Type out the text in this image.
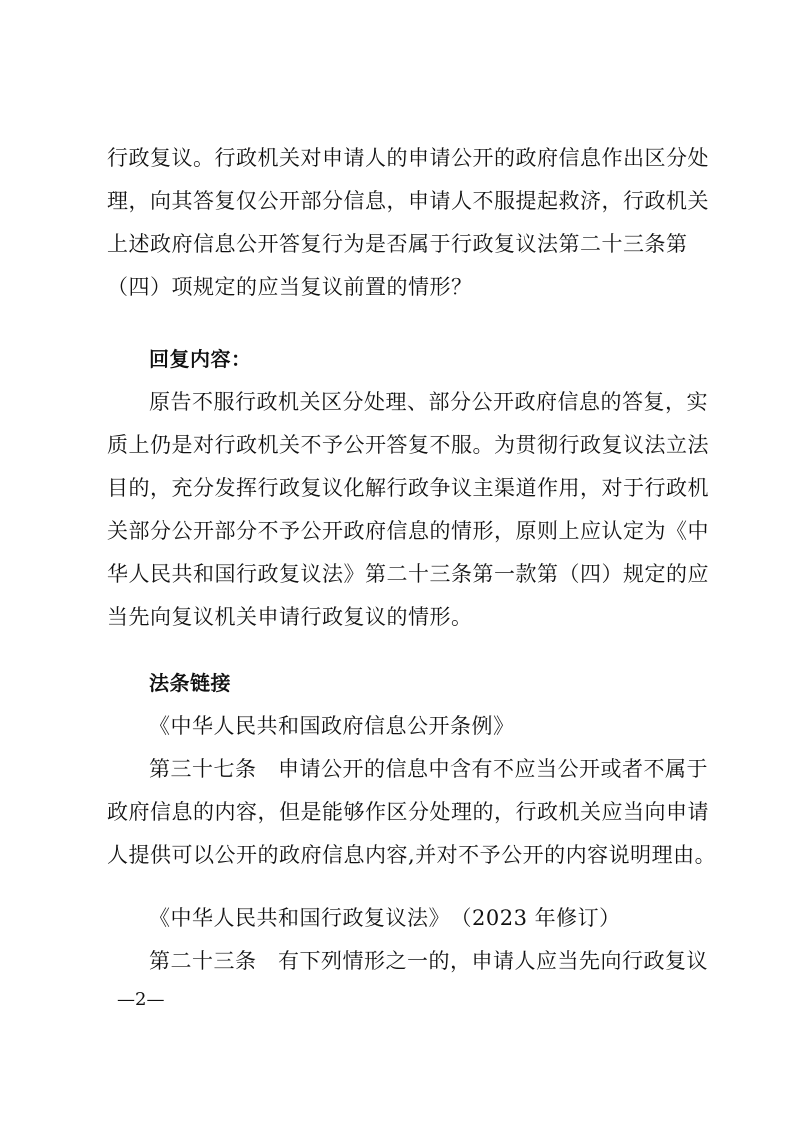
行政复议。行政机关对申请人的申请公开的政府信息作出区分处
理，向其答复仅公开部分信息，申请人不服提起救济，行政机关
上述政府信息公开答复行为是否属于行政复议法第二十三条第
（四）项规定的应当复议前置的情形？
回复内容：
原告不服行政机关区分处理、部分公开政府信息的答复，实
质上仍是对行政机关不予公开答复不服。为贯彻行政复议法立法
目的，充分发挥行政复议化解行政争议主渠道作用，对于行政机
关部分公开部分不予公开政府信息的情形，原则上应认定为《中
华人民共和国行政复议法》第二十三条第一款第（四）规定的应
当先向复议机关申请行政复议的情形。
法条链接
《中华人民共和国政府信息公开条例》
第三十七条　申请公开的信息中含有不应当公开或者不属于
政府信息的内容，但是能够作区分处理的，行政机关应当向申请
人提供可以公开的政府信息内容,并对不予公开的内容说明理由。
《中华人民共和国行政复议法》　（2023 年修订）
第二十三条　有下列情形之一的，申请人应当先向行政复议
—2—
